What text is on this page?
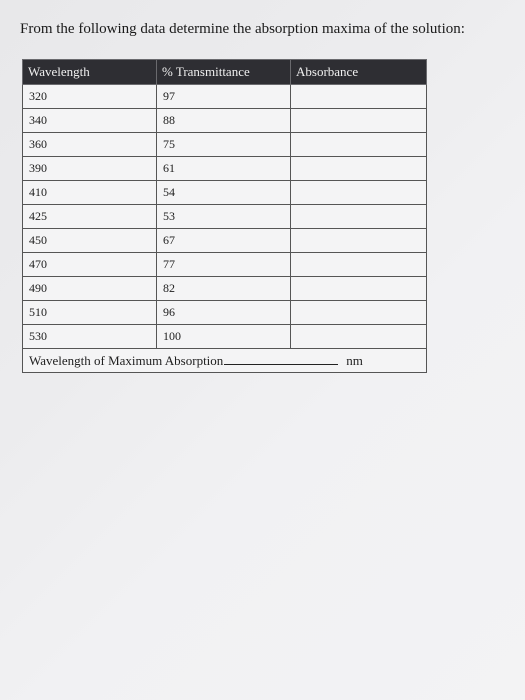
From the following data determine the absorption maxima of the solution:
Wavelength	% Transmittance	Absorbance
320	97	
340	88	
360	75	
390	61	
410	54	
425	53	
450	67	
470	77	
490	82	
510	96	
530	100	
Wavelength of Maximum Absorption nm		
